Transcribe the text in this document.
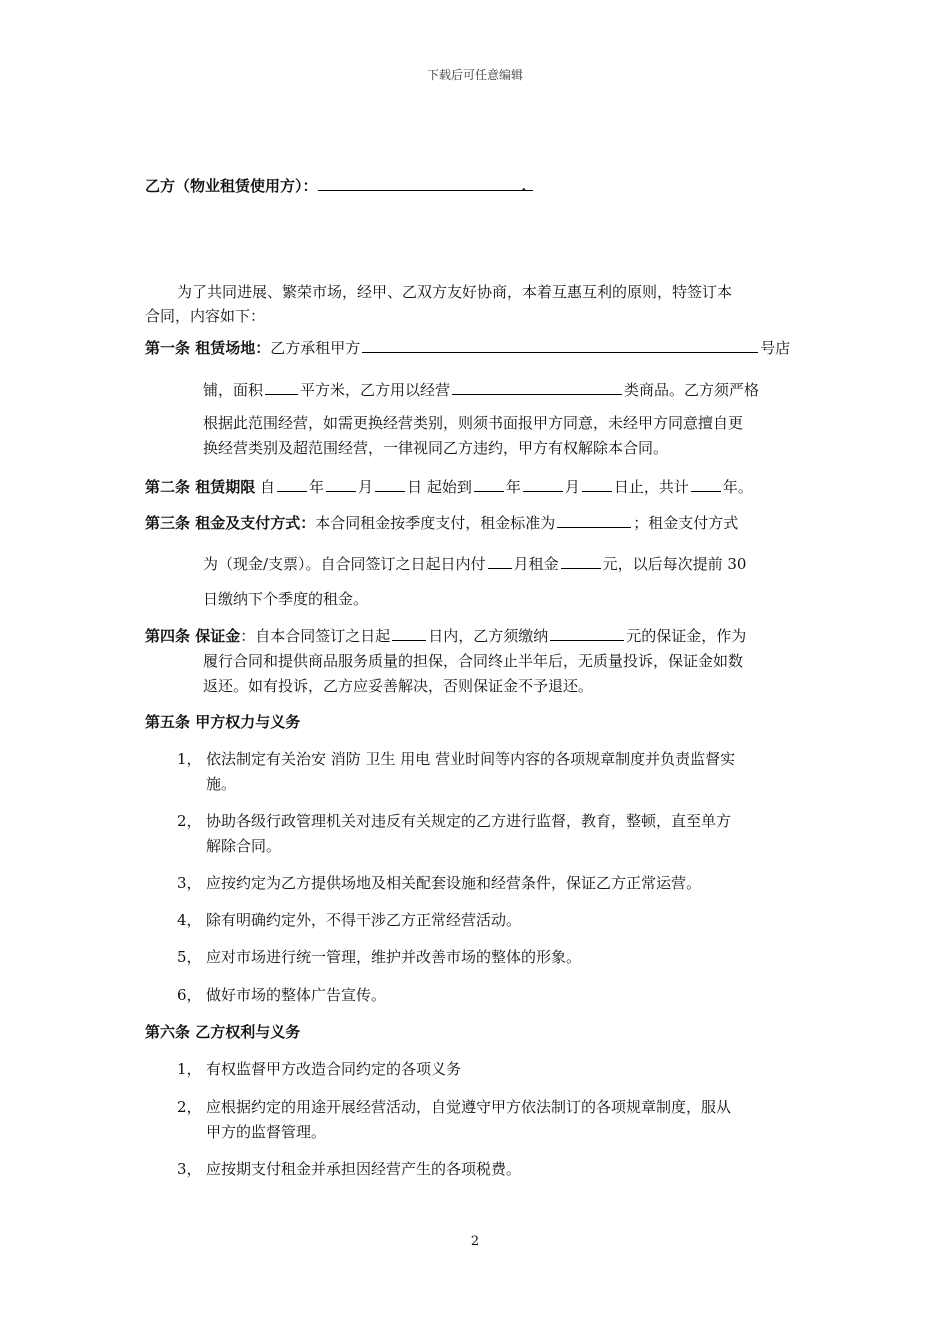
下载后可任意编辑
乙方（物业租赁使用方）：	.
为了共同进展、繁荣市场，经甲、乙双方友好协商，本着互惠互利的原则，特签订本
合同，内容如下：
第一条 租赁场地：乙方承租甲方	号店
铺，面积 平方米，乙方用以经营	类商品。乙方须严格
根据此范围经营，如需更换经营类别，则须书面报甲方同意，未经甲方同意擅自更
换经营类别及超范围经营，一律视同乙方违约，甲方有权解除本合同。
第二条 租赁期限 自 年 月 日 起始到 年	月 日止，共计 年。
第三条 租金及支付方式：本合同租金按季度支付，租金标准为	；租金支付方式
为（现金/支票）。自合同签订之日起日内付 月租金	元，以后每次提前 30
日缴纳下个季度的租金。
第四条 保证金：自本合同签订之日起	日内，乙方须缴纳	元的保证金，作为
履行合同和提供商品服务质量的担保，合同终止半年后，无质量投诉，保证金如数
返还。如有投诉，乙方应妥善解决，否则保证金不予退还。
第五条 甲方权力与义务
1， 依法制定有关治安 消防 卫生 用电 营业时间等内容的各项规章制度并负责监督实
施。
2， 协助各级行政管理机关对违反有关规定的乙方进行监督，教育，整顿，直至单方
解除合同。
3， 应按约定为乙方提供场地及相关配套设施和经营条件，保证乙方正常运营。
4， 除有明确约定外，不得干涉乙方正常经营活动。
5， 应对市场进行统一管理，维护并改善市场的整体的形象。
6， 做好市场的整体广告宣传。
第六条 乙方权利与义务
1， 有权监督甲方改造合同约定的各项义务
2， 应根据约定的用途开展经营活动，自觉遵守甲方依法制订的各项规章制度，服从
甲方的监督管理。
3， 应按期支付租金并承担因经营产生的各项税费。
2
